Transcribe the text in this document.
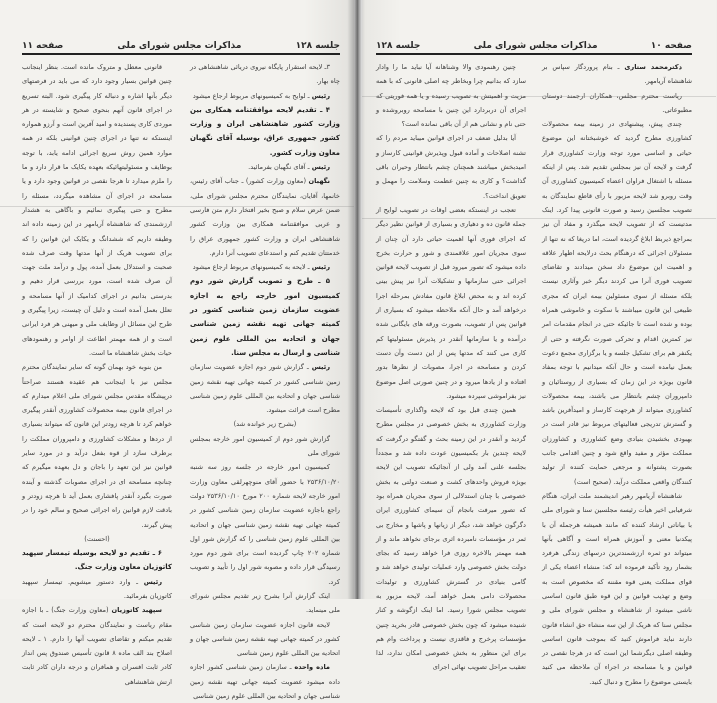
جلسه ۱۲۸
مذاکرات مجلس شورای ملی
صفحه ۱۱

۳ـ لایحه استقرار پایگاه نیروی دریائی شاهنشاهی در چاه بهار.

رئیس ـ لوایح به کمیسیونهای مربوط ارجاع میشود

۴ ـ تقدیم لایحه موافقتنامه همکاری بین وزارت کشور شاهنشاهی ایران و وزارت کشور جمهوری عراق، بوسیله آقای نگهبان معاون وزارت کشور.

رئیس ـ آقای نگهبان بفرمائید.

نگهبان (معاون وزارت کشور) ـ جناب آقای رئیس، خانمها، آقایان، نمایندگان محترم مجلس شورای ملی، ضمن عرض سلام و صبح بخیر افتخار دارم متن فارسی و عربی موافقتنامه همکاری بین وزارت کشور شاهنشاهی ایران و وزارت کشور جمهوری عراق را خدمتتان تقدیم کنم و استدعای تصویب آنرا دارم.

رئیس ـ لایحه به کمیسیونهای مربوط ارجاع میشود

۵ ـ طرح و تصویب گزارش شور دوم کمیسیون امور خارجه راجع به اجازه عضویت سازمان زمین شناسی کشور در کمیته جهانی تهیه نقشه زمین شناسی جهان و اتحادیه بین المللی علوم زمین شناسی و ارسال به مجلس سنا.

رئیس ـ گزارش شور دوم اجازه عضویت سازمان زمین شناسی کشور در کمیته جهانی تهیه نقشه زمین شناسی جهان و اتحادیه بین المللی علوم زمین شناسی مطرح است قرائت میشود.

(بشرح زیر خوانده شد)

گزارش شور دوم از کمیسیون امور خارجه بمجلس شورای ملی

کمیسیون امور خارجه در جلسه روز سه شنبه ۲۵۳۶/۱۰/۲۰ با حضور آقای منوچهرلقی معاون وزارت امور خارجه لایحه شماره ۲۰۰ مورخ ۲۵۳۶/۱۰/۱۰ دولت راجع باجازه عضویت سازمان زمین شناسی کشور در کمیته جهانی تهیه نقشه زمین شناسی جهان و اتحادیه بین المللی علوم زمین شناسی را که گزارش شور اول شماره ۲۰۲ چاپ گردیده است برای شور دوم مورد رسیدگی قرار داده و مصوبه شور اول را تأیید و تصویب کرد.

اینک گزارش آنرا بشرح زیر تقدیم مجلس شورای ملی مینماید.

لایحه قانون اجازه عضویت سازمان زمین شناسی کشور در کمیته جهانی تهیه نقشه زمین شناسی جهان و اتحادیه بین المللی علوم زمین شناسی

ماده واحده ـ سازمان زمین شناسی کشور اجازه داده میشود عضویت کمیته جهانی تهیه نقشه زمین شناسی جهان و اتحادیه بین المللی علوم زمین شناسی

قانونی معطل و متروک مانده است. بنظر اینجانب چنین قوانین بسیار وجود دارد که می باید در فرصتهای دیگر بآنها اشاره و دنباله کار پیگیری شود. البته تسریع در اجرای قانون آنهم بنحوی صحیح و شایسته در هر موردی کاری پسندیده و امید آفرین است و آرزو همواره اینستکه نه تنها در اجرای چنین قوانینی بلکه در همه موارد همین روش سریع اجرائی ادامه یابد، با توجه بوظایف و مسئولیتهائیکه بعهده یکایک ما قرار دارد و ما را ملزم میدارد تا هرجا نقصی در قوانین وجود دارد و یا مسامحه در اجرای آن مشاهده میگردد، مسئله را مطرح و حتی پیگیری نمائیم و باگاهی به هشدار ارزشمندی که شاهنشاه آریامهر در این زمینه داده اند وظیفه داریم که ششدانگ و یکایک این قوانین را که برای تصویب هریک از آنها مدتها وقت صرف شده صحبت و استدلال بعمل آمده، پول و درآمد ملت جهت آن صرف شده است، مورد بررسی قرار دهیم و بدرستی بدانیم در اجرای کدامیک از آنها مسامحه و تعلل بعمل آمده است و دلیل آن چیست، زیرا پیگیری و طرح این مسائل از وظایف ملی و میهنی هر فرد ایرانی است و از همه مهمتر اطاعت از اوامر و رهنمودهای حیات بخش شاهنشاه ما است.

من بنوبه خود بهمان گونه که سایر نمایندگان محترم مجلس نیز با اینجانب هم عقیده هستند صراحتاً درپیشگاه مقدس مجلس شورای ملی اعلام میدارم که در اجرای قانون بیمه محصولات کشاورزی آنقدر پیگیری خواهم کرد تا هرچه زودتر این قانون که میتواند بسیاری از دردها و مشکلات کشاورزی و دامپروران مملکت را برطرف سازد از قوه بفعل درآید و در مورد سایر قوانین نیز این تعهد را باجان و دل بعهده میگیرم که چنانچه مسامحه ای در اجرای مصوبات گذشته و آینده صورت بگیرد آنقدر پافشاری بعمل آید تا هرچه زودتر و بادقت لازم قوانین راه اجرائی صحیح و سالم خود را در پیش گیرند.

(احسنت)

۶ ـ تقدیم دو لایحه بوسیله تیمسار سپهبد کاتوزیان معاون وزارت جنگ.

رئیس ـ وارد دستور میشویم. تیمسار سپهبد کاتوزیان بفرمائید.

سپهبد کاتوزیان (معاون وزارت جنگ) ـ با اجازه مقام ریاست و نمایندگان محترم دو لایحه است که تقدیم میکنم و تقاضای تصویب آنها را دارم. ۱ ـ لایحه اصلاح بند الف ماده ۸ قانون تأسیس صندوق پس انداز کادر ثابت افسران و همافران و درجه داران کادر ثابت ارتش شاهنشاهی

صفحه ۱۰
مذاکرات مجلس شورای ملی
جلسه ۱۲۸

دکترمحمد ستاری ـ بنام پروردگار سپاس بر شاهنشاه آریامهر.

ریاست محترم مجلس، همکاران ارجمند دوستان مطبوعاتی.

چندی پیش، پیشنهادی در زمینه بیمه محصولات کشاورزی مطرح گردید که خوشبختانه این موضوع حیاتی و اساسی مورد توجه وزارت کشاورزی قرار گرفت و لایحه آن نیز بمجلس تقدیم شد. پس از اینکه مسئله با اشتغال فراوان اعضاء کمیسیون کشاورزی آن وقت روبرو شد لایحه مزبور با رأی قاطع نمایندگان به تصویب مجلسین رسید و صورت قانونی پیدا کرد. اینک مدتیست که از تصویب لایحه میگذرد و مفاد آن نیز بمراجع ذیربط ابلاغ گردیده است، اما دریغا که نه تنها از مسئولان اجرائی که درهنگام بحث درلایحه اظهار علاقه و اهمیت این موضوع داد سخن میدادند و تقاضای تصویب فوری آنرا می کردند دیگر خبر وآثاری نیست بلکه مسئله از سوی مسئولین بیمه ایران که مجری طبیعی این قانون میباشند با سکوت و خاموشی همراه بوده و شده است تا جائیکه حتی در انجام مقدمات امر نیز کمترین اقدام و تحرکی صورت نگرفته و حتی از یکنفر هم برای تشکیل جلسه و یا برگزاری مجمع دعوت بعمل نیامده است و حال آنکه میدانیم با توجه بمفاد قانون بویژه در این زمان که بسیاری از روستائیان و دامپروران چشم بانتظار می باشند، بیمه محصولات کشاورزی میتواند از هرجهت کارساز و امیدآفرین باشد و گسترش تدریجی فعالیتهای مربوط نیز قادر است در بهبودی بخشیدن بنیادی وضع کشاورزی و کشاورزان مملکت مؤثر و مفید واقع شود و چنین اقدامی جانب بصورت پشتوانه و مرجعی حمایت کننده از تولید کنندگان واقعی مملکت درآید. (صحیح است)

شاهنشاه آریامهر رهبر اندیشمند ملت ایران، هنگام شرفیابی اخیر هیأت رئیسه مجلسین سنا و شورای ملی با بیاناتی ارشاد کننده که مانند همیشه هرجمله آن با پیکدنیا معنی و آموزش همراه است و آگاهی بآنها میتواند دو ثمره ارزشمندترین درسهای زندگی هرفرد بشمار رود تأکید فرموده اند که: منشاء اعضاء یکی از قوای مملکت یعنی قوه مقننه که مخصوص است به وضع و تهذیب قوانین و این قوه طبق قانون اساسی ناشی میشود از شاهنشاه و مجلس شورای ملی و مجلس سنا که هریک از این سه منشاء حق انشاء قانون دارند نباید فراموش کنید که بموجب قانون اساسی وظیفه اصلی دیگرشما این است که در هرجا نقصی در قوانین و یا مسامحه در اجراء آن ملاحظه می کنید بایستی موضوع را مطرح و دنبال کنید.

چنین رهنمودی والا وشناهانه آیا نباید ما را وادار سازد که بدانیم چرا وبخاطر چه اصلی قانونی که با همه مزیت و اهمیتش به تصویب رسیده و یا همه فوریتی که اجرای آن دربردارد این چنین با مسامحه روبروشده و حتی نام و نشانی هم از آن باقی نمانده است؟

آیا بدلیل ضعف در اجرای قوانین میباید مردم را که تشنه اصلاحات و آماده قبول وپذیرش قوانینی کارساز و امیدبخش میباشند همچنان چشم بانتظار وحیران باقی گذاشت؟ و کاری به چنین عظمت وسلامت را مهمل و تعویق انداخت؟.

تعجب در اینستکه بعضی اوقات در تصویب لوایح از جمله قانون ده و دهیاری و بسیاری از قوانین نظیر دیگر که اجرای فوری آنها اهمیت حیاتی دارد آن چنان از سوی مجریان امور علاقمندی و شور و حرارت بخرج داده میشود که تصور میرود قبل از تصویب لایحه قوانین اجرائی حتی سازمانها و تشکیلات آنرا نیز پیش بینی کرده اند و به محض ابلاغ قانون مفادش بمرحله اجرا درخواهد آمد و حال آنکه ملاحظه میشود که بسیاری از قوانین پس از تصویب، بصورت ورقه های بایگانی شده درآمده و یا سازمانها آنقدر در پذیرش مسئولیتها کم کاری می کنند که مدتها پس از این دست وآن دست کردن و مسامحه در اجرا، مصوبات از نظرها بدور افتاده و از یادها میرود و در چنین صورتی اصل موضوع نیز بفراموشی سپرده میشود.

همین چندی قبل بود که لایحه واگذاری تأسیسات وزارت کشاورزی به بخش خصوصی در مجلس مطرح گردید و آنقدر در این زمینه بحث و گفتگو درگرفت که لایحه چندین بار بکمیسیون عودت داده شد و مجدداً بجلسه علنی آمد ولی از آنجائیکه تصویب این لایحه بویژه فروش واحدهای کشت و صنعت دولتی به بخش خصوصی با چنان استدلالی از سوی مجریان همراه بود که تصور میرفت بانجام آن سیمای کشاورزی ایران دگرگون خواهد شد، دیگر از زیانها و پاشها و مخارج بی ثمر در مؤسسات نامبرده اثری برجای نخواهد ماند و از همه مهمتر بالاخره روزی فرا خواهد رسید که بجای دولت بخش خصوصی وارد عملیات تولیدی خواهد شد و گامی بنیادی در گسترش کشاورزی و تولیدات محصولات دامی بعمل خواهد آمد، لایحه مزبور به تصویب مجلس شورا رسید. اما اینک ازگوشه و کنار شنیده میشود که چون بخش خصوصی قادر بخرید چنین مؤسسات پرخرج و فاقدزی نیست و پرداخت وام هم برای این منظور به بخش خصوصی امکان ندارد، لذا تعقیب مراحل تصویب نهائی اجرای
